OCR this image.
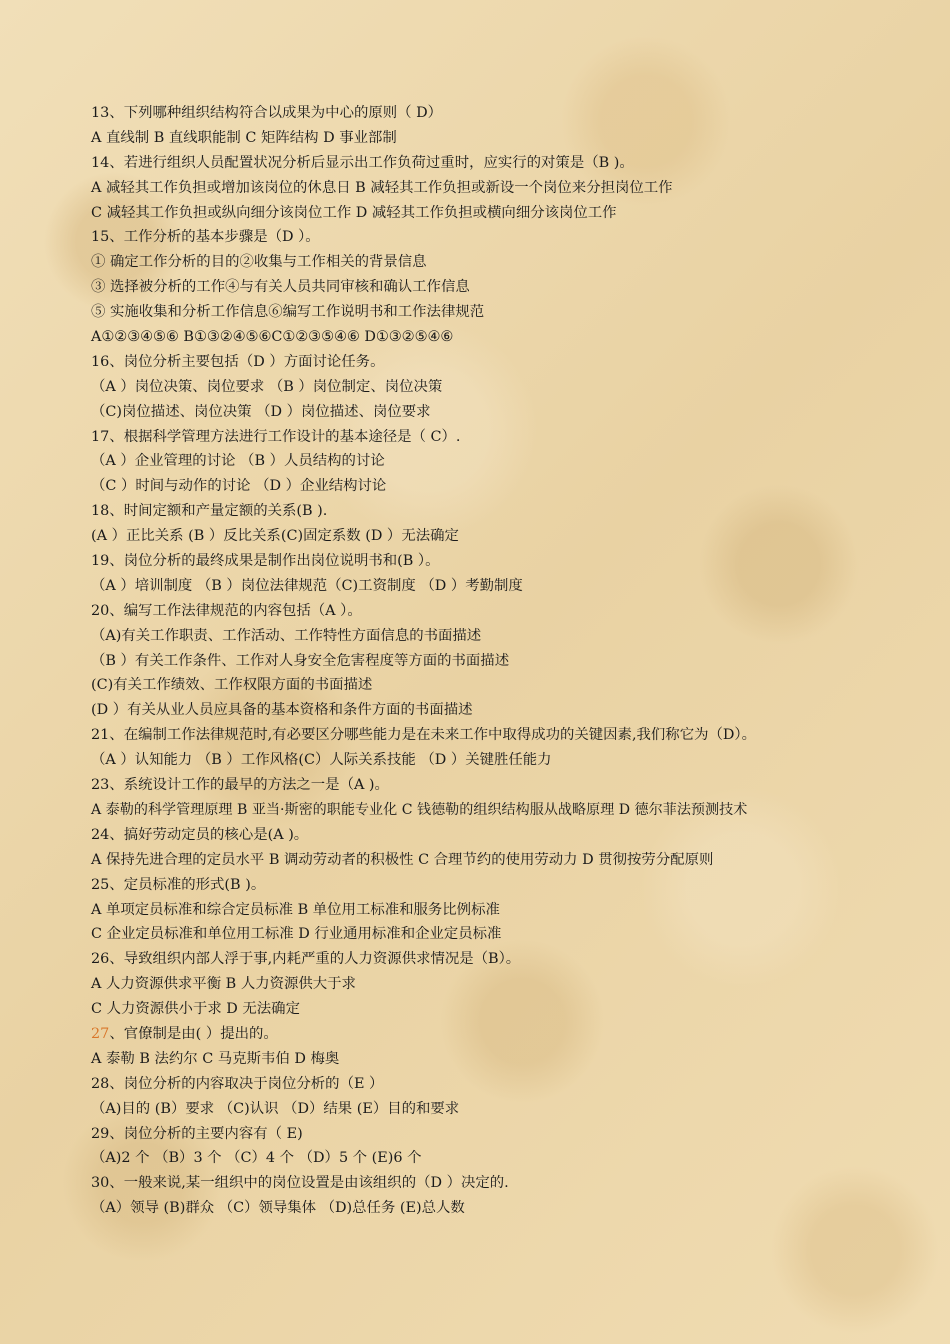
13、下列哪种组织结构符合以成果为中心的原则（ D）
A 直线制 B 直线职能制 C 矩阵结构 D 事业部制
14、若进行组织人员配置状况分析后显示出工作负荷过重时，应实行的对策是（B )。
A 减轻其工作负担或增加该岗位的休息日 B 减轻其工作负担或新设一个岗位来分担岗位工作
C 减轻其工作负担或纵向细分该岗位工作 D 减轻其工作负担或横向细分该岗位工作
15、工作分析的基本步骤是（D ）。
① 确定工作分析的目的②收集与工作相关的背景信息
③ 选择被分析的工作④与有关人员共同审核和确认工作信息
⑤ 实施收集和分析工作信息⑥编写工作说明书和工作法律规范
A①②③④⑤⑥ B①③②④⑤⑥C①②③⑤④⑥ D①③②⑤④⑥
16、岗位分析主要包括（D ）方面讨论任务。
（A ）岗位决策、岗位要求 （B ）岗位制定、岗位决策
（C)岗位描述、岗位决策 （D ）岗位描述、岗位要求
17、根据科学管理方法进行工作设计的基本途径是（ C）.
（A ）企业管理的讨论 （B ）人员结构的讨论
（C ）时间与动作的讨论 （D ）企业结构讨论
18、时间定额和产量定额的关系(B ).
(A ）正比关系 (B ）反比关系(C)固定系数 (D ）无法确定
19、岗位分析的最终成果是制作出岗位说明书和(B ）。
（A ）培训制度 （B ）岗位法律规范（C)工资制度 （D ）考勤制度
20、编写工作法律规范的内容包括（A ）。
（A)有关工作职责、工作活动、工作特性方面信息的书面描述
（B ）有关工作条件、工作对人身安全危害程度等方面的书面描述
(C)有关工作绩效、工作权限方面的书面描述
(D ）有关从业人员应具备的基本资格和条件方面的书面描述
21、在编制工作法律规范时,有必要区分哪些能力是在未来工作中取得成功的关键因素,我们称它为（D）。
（A ）认知能力 （B ）工作风格(C）人际关系技能 （D ）关键胜任能力
23、系统设计工作的最早的方法之一是（A )。
A 泰勒的科学管理原理 B 亚当·斯密的职能专业化 C 钱德勒的组织结构服从战略原理 D 德尔菲法预测技术
24、搞好劳动定员的核心是(A )。
A 保持先进合理的定员水平 B 调动劳动者的积极性 C 合理节约的使用劳动力 D 贯彻按劳分配原则
25、定员标准的形式(B )。
A 单项定员标准和综合定员标准 B 单位用工标准和服务比例标准
C 企业定员标准和单位用工标准 D 行业通用标准和企业定员标准
26、导致组织内部人浮于事,内耗严重的人力资源供求情况是（B）。
A 人力资源供求平衡 B 人力资源供大于求
C 人力资源供小于求 D 无法确定
27、官僚制是由( ）提出的。
A 泰勒 B 法约尔 C 马克斯韦伯 D 梅奥
28、岗位分析的内容取决于岗位分析的（E ）
（A)目的 (B）要求 （C)认识 （D）结果 (E）目的和要求
29、岗位分析的主要内容有（ E)
（A)2 个 （B）3 个 （C）4 个 （D）5 个 (E)6 个
30、一般来说,某一组织中的岗位设置是由该组织的（D ）决定的.
（A）领导 (B)群众 （C）领导集体 （D)总任务 (E)总人数
